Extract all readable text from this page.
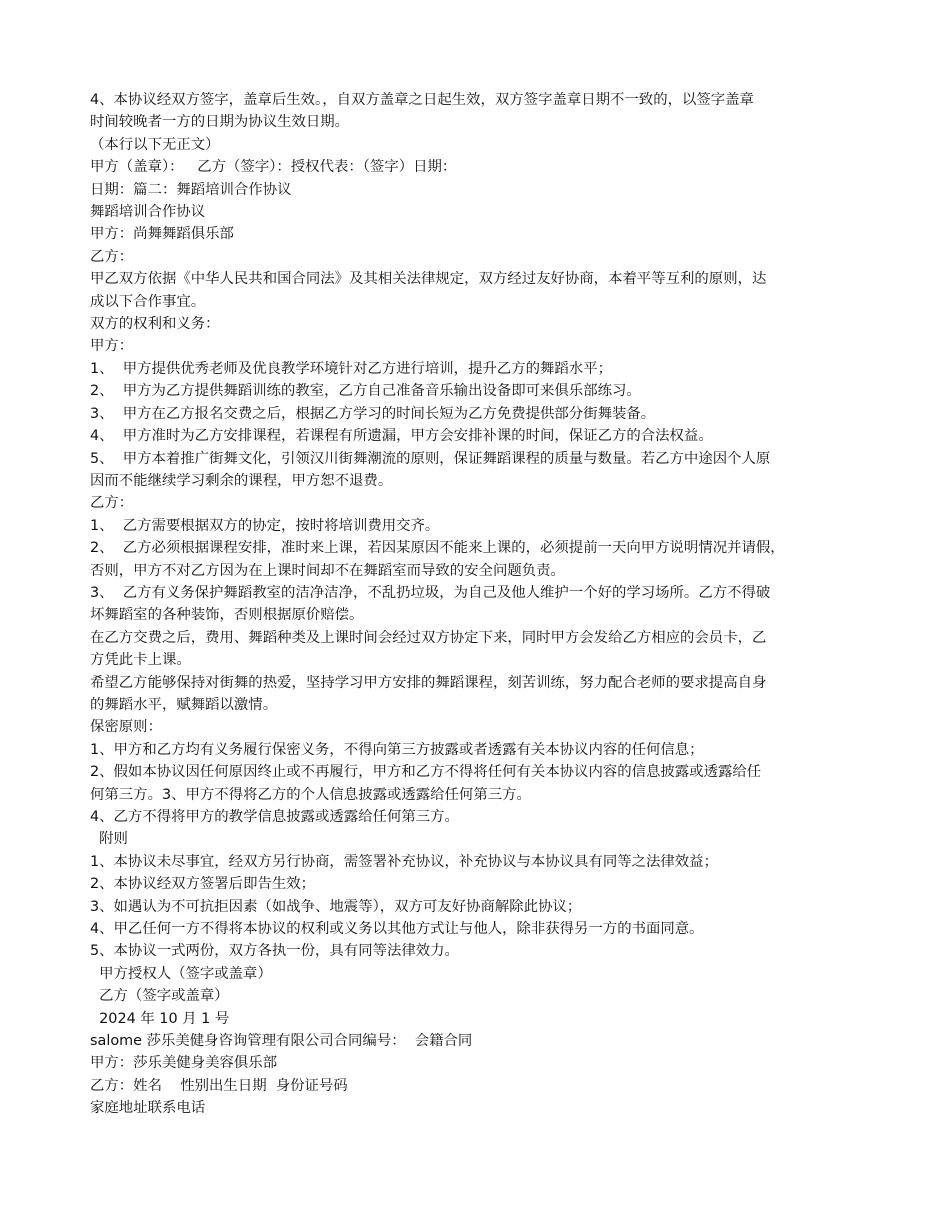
4、本协议经双方签字，盖章后生效。，自双方盖章之日起生效，双方签字盖章日期不一致的，以签字盖章
时间较晚者一方的日期为协议生效日期。
（本行以下无正文）
甲方（盖章）：   乙方（签字）：授权代表：（签字）日期：
日期：篇二：舞蹈培训合作协议
舞蹈培训合作协议
甲方：尚舞舞蹈俱乐部
乙方：
甲乙双方依据《中华人民共和国合同法》及其相关法律规定，双方经过友好协商，本着平等互利的原则，达
成以下合作事宜。
双方的权利和义务：
甲方：
1、  甲方提供优秀老师及优良教学环境针对乙方进行培训，提升乙方的舞蹈水平；
2、  甲方为乙方提供舞蹈训练的教室，乙方自己准备音乐输出设备即可来俱乐部练习。
3、  甲方在乙方报名交费之后，根据乙方学习的时间长短为乙方免费提供部分街舞装备。
4、  甲方准时为乙方安排课程，若课程有所遗漏，甲方会安排补课的时间，保证乙方的合法权益。
5、  甲方本着推广街舞文化，引领汉川街舞潮流的原则，保证舞蹈课程的质量与数量。若乙方中途因个人原
因而不能继续学习剩余的课程，甲方恕不退费。
乙方：
1、  乙方需要根据双方的协定，按时将培训费用交齐。
2、  乙方必须根据课程安排，准时来上课，若因某原因不能来上课的，必须提前一天向甲方说明情况并请假，
否则，甲方不对乙方因为在上课时间却不在舞蹈室而导致的安全问题负责。
3、  乙方有义务保护舞蹈教室的洁净洁净，不乱扔垃圾，为自己及他人维护一个好的学习场所。乙方不得破
坏舞蹈室的各种装饰，否则根据原价赔偿。
在乙方交费之后，费用、舞蹈种类及上课时间会经过双方协定下来，同时甲方会发给乙方相应的会员卡，乙
方凭此卡上课。
希望乙方能够保持对街舞的热爱，坚持学习甲方安排的舞蹈课程，刻苦训练，努力配合老师的要求提高自身
的舞蹈水平，赋舞蹈以激情。
保密原则：
1、甲方和乙方均有义务履行保密义务，不得向第三方披露或者透露有关本协议内容的任何信息；
2、假如本协议因任何原因终止或不再履行，甲方和乙方不得将任何有关本协议内容的信息披露或透露给任
何第三方。3、甲方不得将乙方的个人信息披露或透露给任何第三方。
4、乙方不得将甲方的教学信息披露或透露给任何第三方。
附则
1、本协议未尽事宜，经双方另行协商，需签署补充协议，补充协议与本协议具有同等之法律效益；
2、本协议经双方签署后即告生效；
3、如遇认为不可抗拒因素（如战争、地震等），双方可友好协商解除此协议；
4、甲乙任何一方不得将本协议的权利或义务以其他方式让与他人，除非获得另一方的书面同意。
5、本协议一式两份，双方各执一份，具有同等法律效力。
甲方授权人（签字或盖章）
乙方（签字或盖章）
2024 年 10 月 1 号
salome 莎乐美健身咨询管理有限公司合同编号：  会籍合同
甲方：莎乐美健身美容俱乐部
乙方：姓名    性别出生日期  身份证号码
家庭地址联系电话
